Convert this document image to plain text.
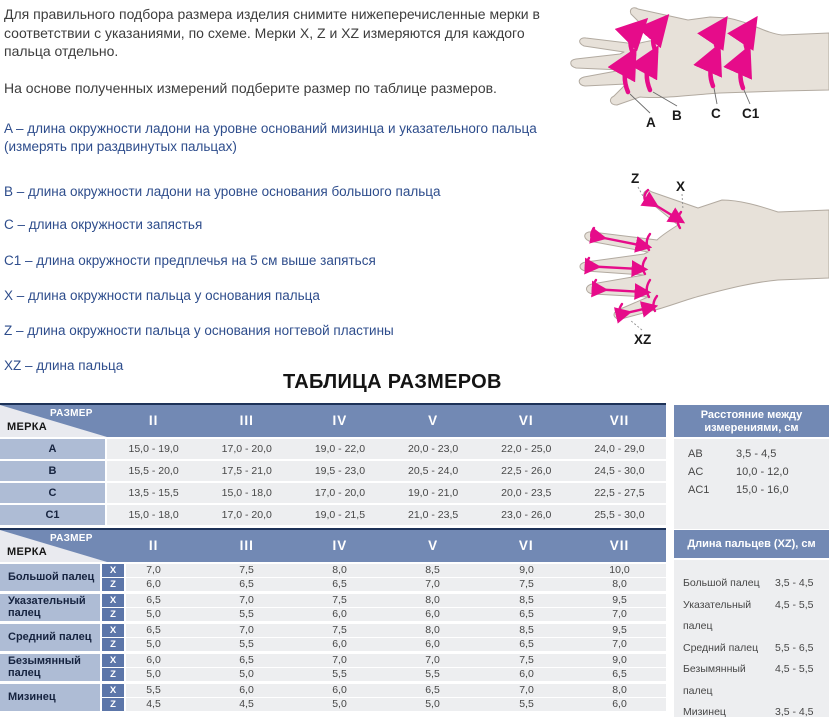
Для правильного подбора размера изделия снимите нижеперечисленные мерки в соответствии с указаниями, по схеме. Мерки X, Z и XZ измеряются для каждого пальца отдельно.
На основе полученных измерений подберите размер по таблице размеров.
A – длина окружности ладони на уровне оснований мизинца и указательного пальца (измерять при раздвинутых пальцах)
B – длина окружности ладони на уровне основания большого пальца
C – длина окружности запястья
C1 – длина окружности предплечья на 5 см выше запяться
X – длина окружности пальца у основания пальца
Z – длина окружности пальца у основания ногтевой пластины
XZ – длина пальца
A B C C1
Z
X
XZ
ТАБЛИЦА РАЗМЕРОВ
РАЗМЕР
МЕРКА	II	III	IV	V	VI	VII
A	15,0 - 19,0	17,0 - 20,0	19,0 - 22,0	20,0 - 23,0	22,0 - 25,0	24,0 - 29,0
B	15,5 - 20,0	17,5 - 21,0	19,5 - 23,0	20,5 - 24,0	22,5 - 26,0	24,5 - 30,0
C	13,5 - 15,5	15,0 - 18,0	17,0 - 20,0	19,0 - 21,0	20,0 - 23,5	22,5 - 27,5
C1	15,0 - 18,0	17,0 - 20,0	19,0 - 21,5	21,0 - 23,5	23,0 - 26,0	25,5 - 30,0
Расстояние между измерениями, см
AB	3,5 - 4,5
AC	10,0 - 12,0
AC1	15,0 - 16,0
РАЗМЕР
МЕРКА	II	III	IV	V	VI	VII
Большой палец
X
Z
7,0	7,5	8,0	8,5	9,0	10,0
6,0	6,5	6,5	7,0	7,5	8,0
Указательный палец
X
Z
6,5	7,0	7,5	8,0	8,5	9,5
5,0	5,5	6,0	6,0	6,5	7,0
Средний палец
X
Z
6,5	7,0	7,5	8,0	8,5	9,5
5,0	5,5	6,0	6,0	6,5	7,0
Безымянный палец
X
Z
6,0	6,5	7,0	7,0	7,5	9,0
5,0	5,0	5,5	5,5	6,0	6,5
Мизинец
X
Z
5,5	6,0	6,0	6,5	7,0	8,0
4,5	4,5	5,0	5,0	5,5	6,0
Длина пальцев (XZ), см
Большой палец	3,5 - 4,5
Указательный палец
4,5 - 5,5
Средний палец	5,5 - 6,5
Безымянный палец
4,5 - 5,5
Мизинец	3,5 - 4,5
